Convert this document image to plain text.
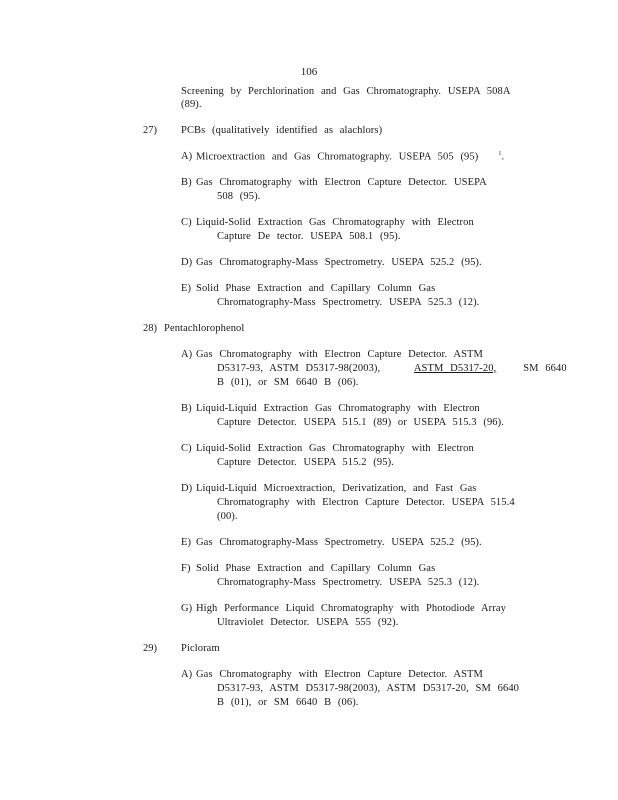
106
Screening by Perchlorination and Gas Chromatography. USEPA 508A
(89).
27) PCBs (qualitatively identified as alachlors)
A) Microextraction and Gas Chromatography. USEPA 505 (95)	$^1$.
B) Gas Chromatography with Electron Capture Detector. USEPA
508 (95).
C) Liquid-Solid Extraction Gas Chromatography with Electron
Capture De tector. USEPA 508.1 (95).
D) Gas Chromatography-Mass Spectrometry. USEPA 525.2 (95).
E) Solid Phase Extraction and Capillary Column Gas
Chromatography-Mass Spectrometry. USEPA 525.3 (12).
28) Pentachlorophenol
A) Gas Chromatography with Electron Capture Detector. ASTM
D5317-93, ASTM D5317-98(2003),	ASTM D5317-20,	SM 6640
B (01), or SM 6640 B (06).
B) Liquid-Liquid Extraction Gas Chromatography with Electron
Capture Detector. USEPA 515.1 (89) or USEPA 515.3 (96).
C) Liquid-Solid Extraction Gas Chromatography with Electron
Capture Detector. USEPA 515.2 (95).
D) Liquid-Liquid Microextraction, Derivatization, and Fast Gas
Chromatography with Electron Capture Detector. USEPA 515.4
(00).
E) Gas Chromatography-Mass Spectrometry. USEPA 525.2 (95).
F) Solid Phase Extraction and Capillary Column Gas
Chromatography-Mass Spectrometry. USEPA 525.3 (12).
G) High Performance Liquid Chromatography with Photodiode Array
Ultraviolet Detector. USEPA 555 (92).
29) Picloram
A) Gas Chromatography with Electron Capture Detector. ASTM
D5317-93, ASTM D5317-98(2003), ASTM D5317-20, SM 6640
B (01), or SM 6640 B (06).
